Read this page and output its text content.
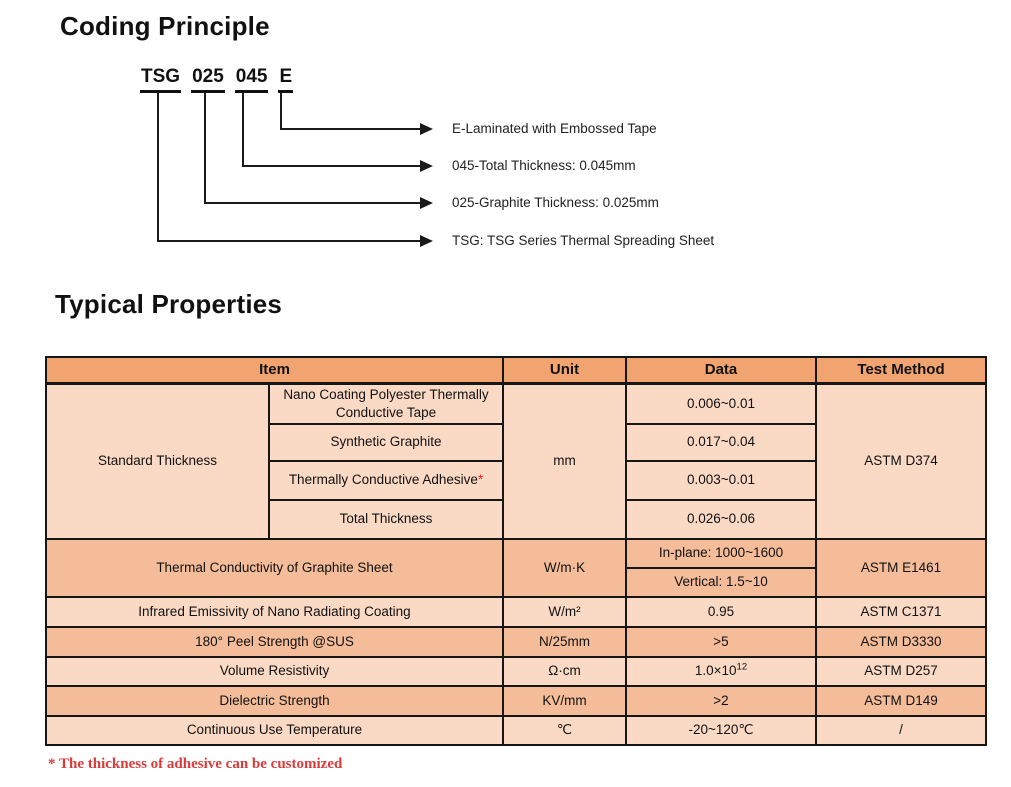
Coding Principle
TSG 025 045 E
E-Laminated with Embossed Tape
045-Total Thickness: 0.045mm
025-Graphite Thickness: 0.025mm
TSG: TSG Series Thermal Spreading Sheet
Typical Properties
Item		Unit	Data	Test Method
Standard Thickness	Nano Coating Polyester Thermally Conductive Tape	mm	0.006~0.01	ASTM D374
	Synthetic Graphite		0.017~0.04	
	Thermally Conductive Adhesive*		0.003~0.01	
	Total Thickness		0.026~0.06	
Thermal Conductivity of Graphite Sheet		W/m·K	In-plane: 1000~1600	ASTM E1461
			Vertical: 1.5~10	
Infrared Emissivity of Nano Radiating Coating		W/m²	0.95	ASTM C1371
180° Peel Strength @SUS		N/25mm	>5	ASTM D3330
Volume Resistivity		Ω·cm	$1.0\times 10^{12}$	ASTM D257
Dielectric Strength		KV/mm	>2	ASTM D149
Continuous Use Temperature		℃	-20~120℃	/
* The thickness of adhesive can be customized
